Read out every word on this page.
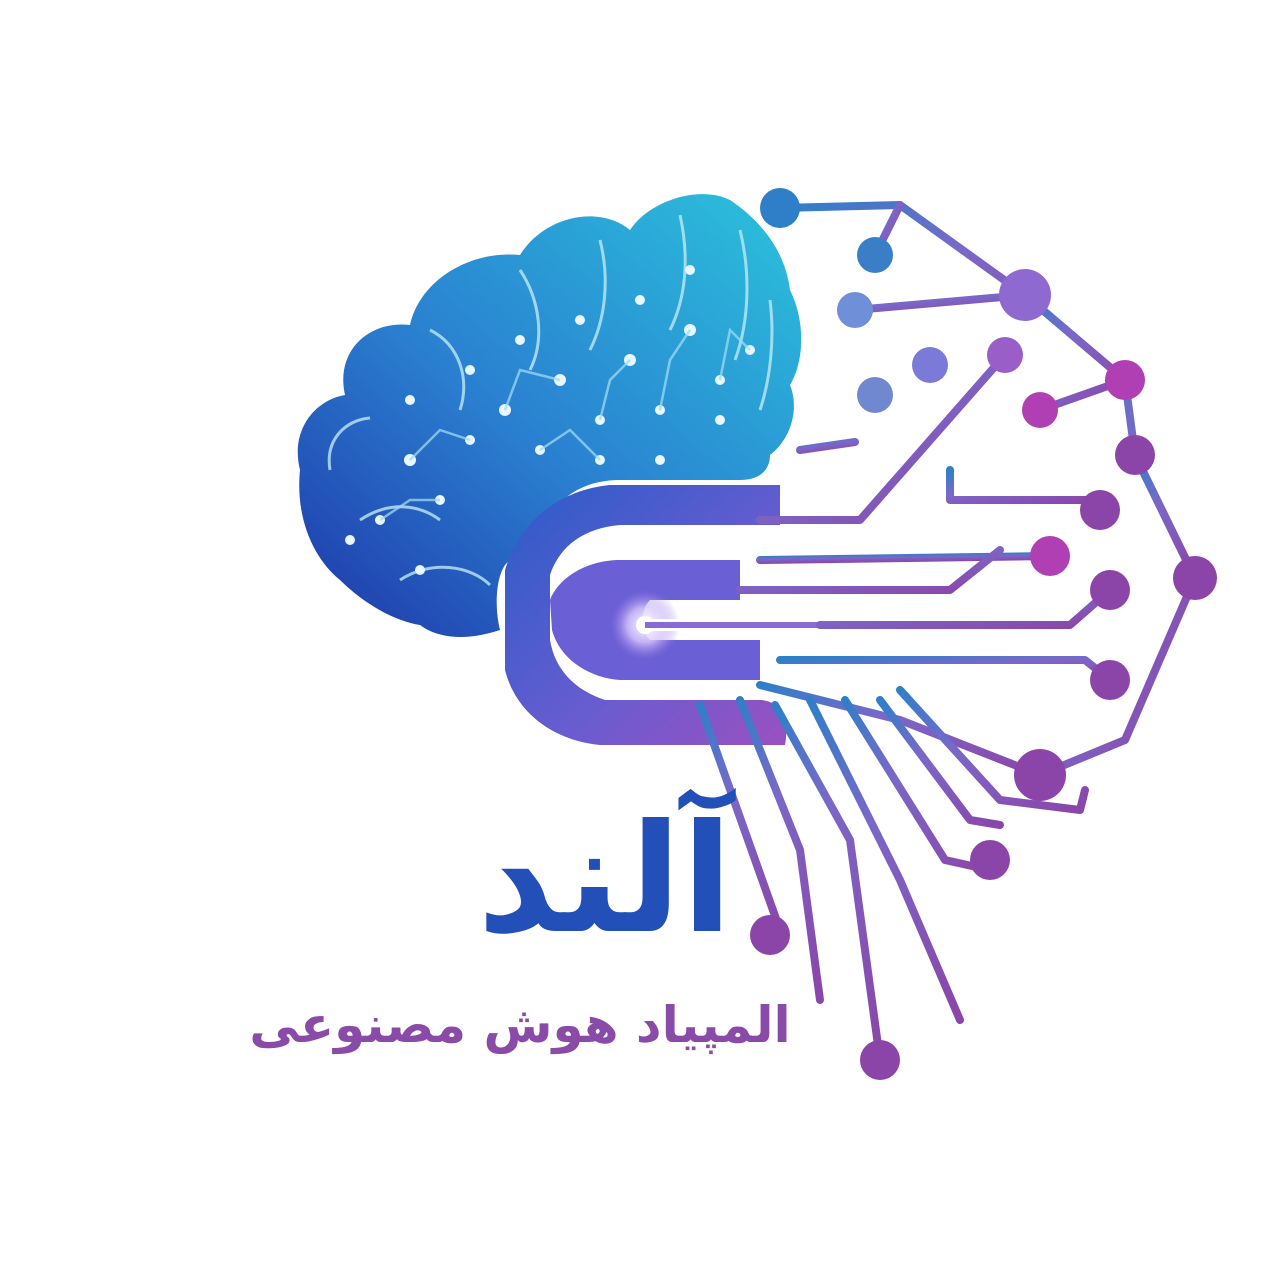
آلند
المپیاد هوش مصنوعی
